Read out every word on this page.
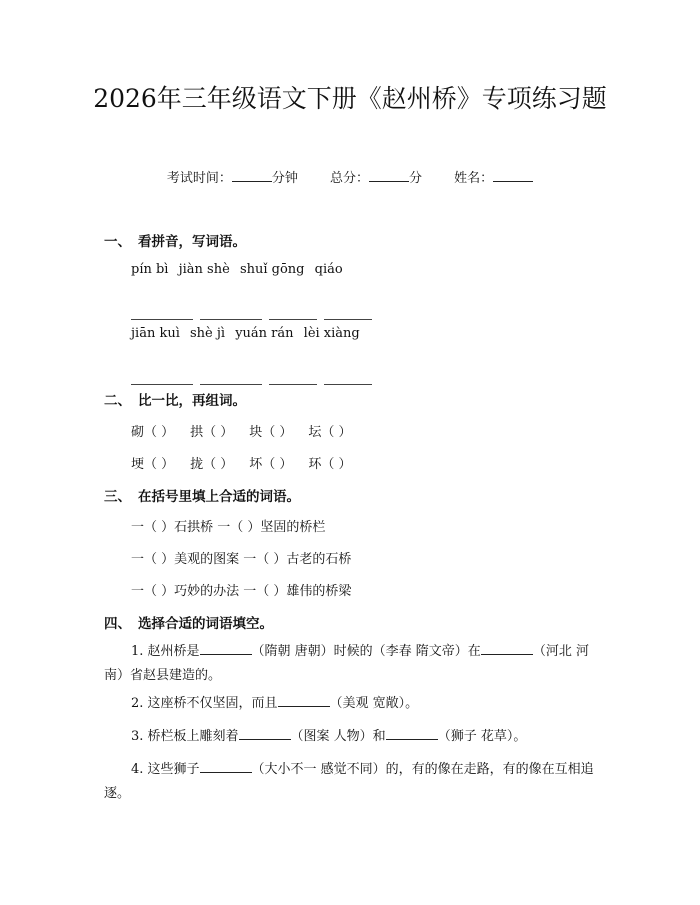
2026年三年级语文下册《赵州桥》专项练习题
考试时间：	分钟 总分：	分 姓名：
一、 看拼音，写词语。
pín bì jiàn shè shuǐ gōng qiáo
jiān kuì shè jì yuán rán lèi xiàng
二、 比一比，再组词。
砌（ ） 拱（ ） 块（ ） 坛（ ）
埂（ ） 拢（ ） 坏（ ） 环（ ）
三、 在括号里填上合适的词语。
一（ ）石拱桥 一（ ）坚固的桥栏
一（ ）美观的图案 一（ ）古老的石桥
一（ ）巧妙的办法 一（ ）雄伟的桥梁
四、 选择合适的词语填空。
1. 赵州桥是	（隋朝 唐朝）时候的（李春 隋文帝）在	（河北 河南）省赵县建造的。
2. 这座桥不仅坚固，而且	（美观 宽敞）。
3. 桥栏板上雕刻着	（图案 人物）和	（狮子 花草）。
4. 这些狮子	（大小不一 感觉不同）的，有的像在走路，有的像在互相追逐。
